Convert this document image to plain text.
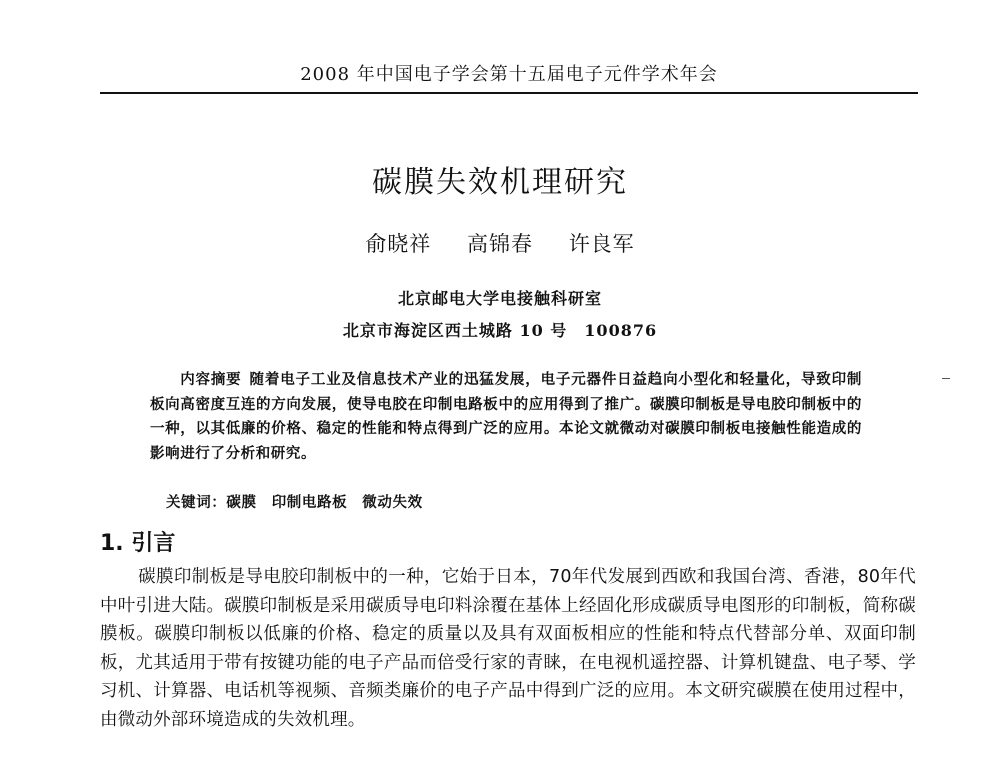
2008 年中国电子学会第十五届电子元件学术年会
碳膜失效机理研究
俞晓祥 高锦春 许良军
北京邮电大学电接触科研室
北京市海淀区西土城路 10 号　100876
内容摘要  随着电子工业及信息技术产业的迅猛发展，电子元器件日益趋向小型化和轻量化，导致印制板向高密度互连的方向发展，使导电胶在印制电路板中的应用得到了推广。碳膜印制板是导电胶印制板中的一种，以其低廉的价格、稳定的性能和特点得到广泛的应用。本论文就微动对碳膜印制板电接触性能造成的影响进行了分析和研究。
关键词：碳膜　印制电路板　微动失效
1. 引言
碳膜印制板是导电胶印制板中的一种，它始于日本，70年代发展到西欧和我国台湾、香港，80年代中叶引进大陆。碳膜印制板是采用碳质导电印料涂覆在基体上经固化形成碳质导电图形的印制板，简称碳膜板。碳膜印制板以低廉的价格、稳定的质量以及具有双面板相应的性能和特点代替部分单、双面印制板，尤其适用于带有按键功能的电子产品而倍受行家的青睐，在电视机遥控器、计算机键盘、电子琴、学习机、计算器、电话机等视频、音频类廉价的电子产品中得到广泛的应用。本文研究碳膜在使用过程中，由微动外部环境造成的失效机理。
